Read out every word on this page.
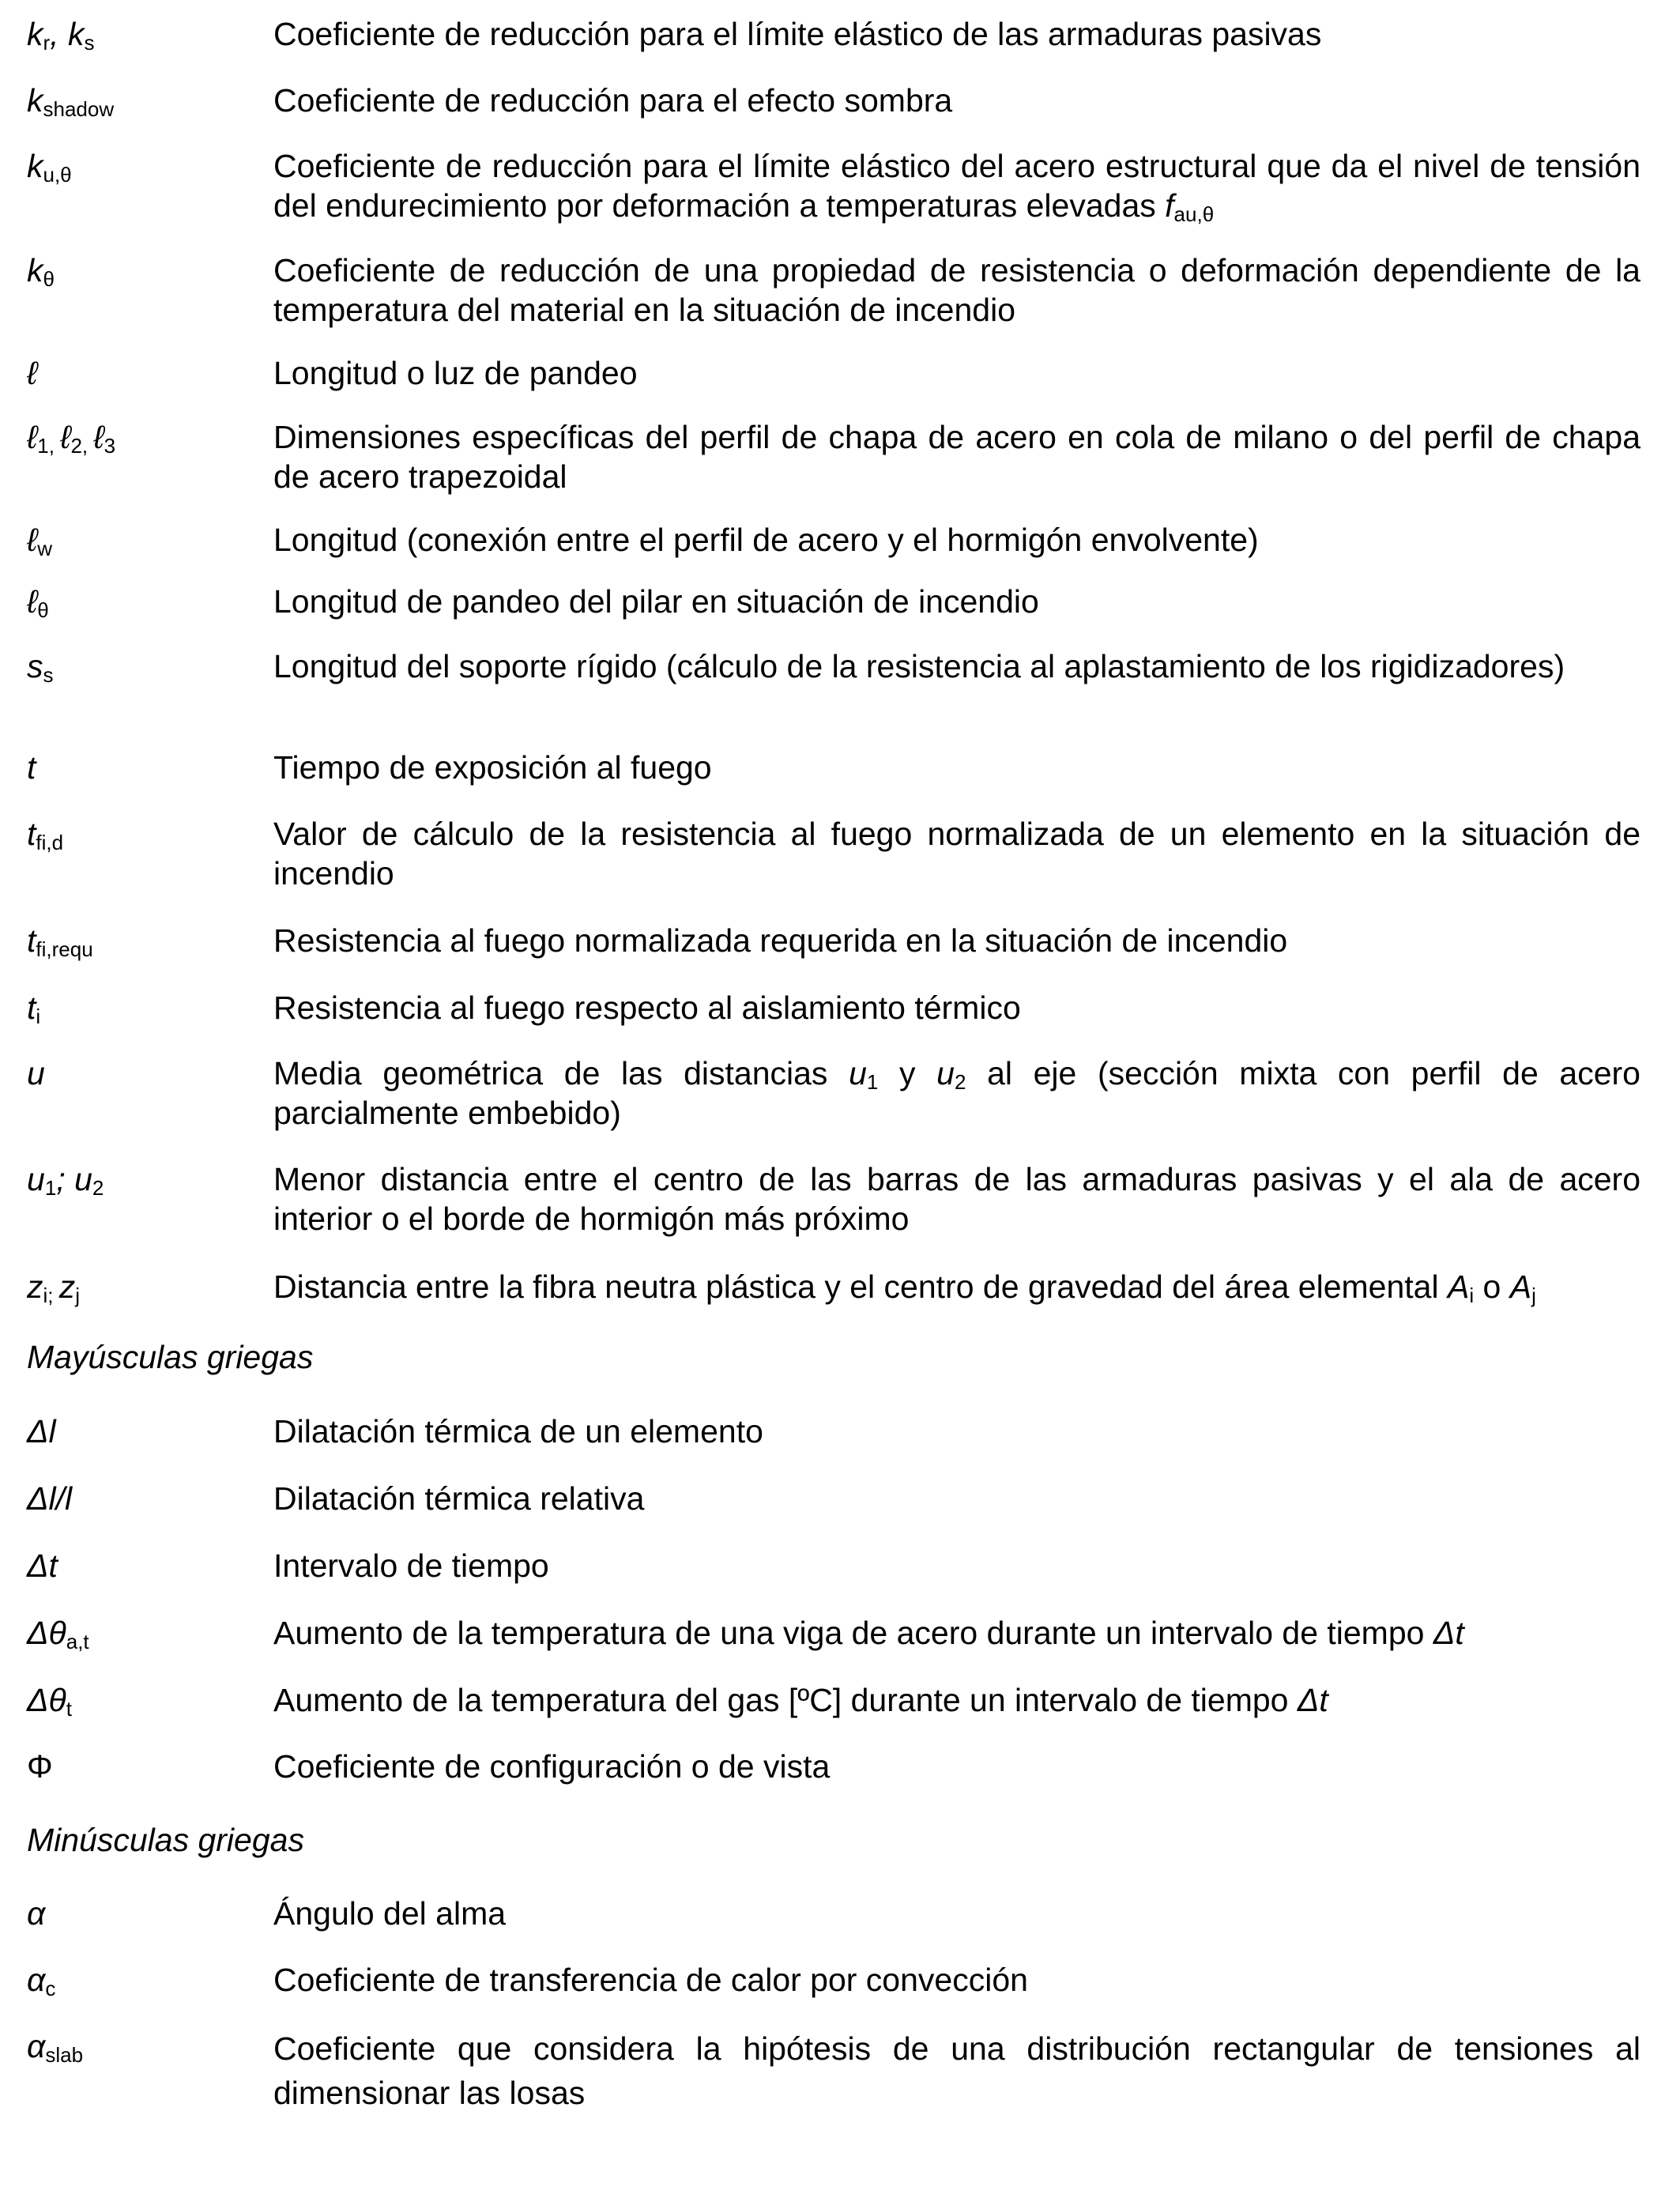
$k_r$, $k_s$	Coeficiente de reducción para el límite elástico de las armaduras pasivas
$k_{shadow}$	Coeficiente de reducción para el efecto sombra
$k_{u,\theta}$	Coeficiente de reducción para el límite elástico del acero estructural que da el nivel de tensión del endurecimiento por deformación a temperaturas elevadas $f_{au,\theta}$
$k_\theta$	Coeficiente de reducción de una propiedad de resistencia o deformación dependiente de la temperatura del material en la situación de incendio
ℓ	Longitud o luz de pandeo
ℓ$_{1,}$ ℓ$_{2,}$ ℓ$_3$	Dimensiones específicas del perfil de chapa de acero en cola de milano o del perfil de chapa de acero trapezoidal
ℓ$_w$	Longitud (conexión entre el perfil de acero y el hormigón envolvente)
ℓ$_\theta$	Longitud de pandeo del pilar en situación de incendio
$s_s$	Longitud del soporte rígido (cálculo de la resistencia al aplastamiento de los rigidizadores)
t	Tiempo de exposición al fuego
$t_{fi,d}$	Valor de cálculo de la resistencia al fuego normalizada de un elemento en la situación de incendio
$t_{fi,requ}$	Resistencia al fuego normalizada requerida en la situación de incendio
$t_i$	Resistencia al fuego respecto al aislamiento térmico
u	Media geométrica de las distancias $u_1$ y $u_2$ al eje (sección mixta con perfil de acero parcialmente embebido)
$u_1$; $u_2$	Menor distancia entre el centro de las barras de las armaduras pasivas y el ala de acero interior o el borde de hormigón más próximo
$z_{i;}$ $z_j$	Distancia entre la fibra neutra plástica y el centro de gravedad del área elemental $A_i$ o $A_j$
Mayúsculas griegas
Δl	Dilatación térmica de un elemento
Δl/l	Dilatación térmica relativa
Δt	Intervalo de tiempo
$\Delta\theta_{a,t}$	Aumento de la temperatura de una viga de acero durante un intervalo de tiempo Δt
$\Delta\theta_t$	Aumento de la temperatura del gas [ºC] durante un intervalo de tiempo Δt
Φ	Coeficiente de configuración o de vista
Minúsculas griegas
α	Ángulo del alma
$\alpha_c$	Coeficiente de transferencia de calor por convección
$\alpha_{slab}$	Coeficiente que considera la hipótesis de una distribución rectangular de tensiones al dimensionar las losas
